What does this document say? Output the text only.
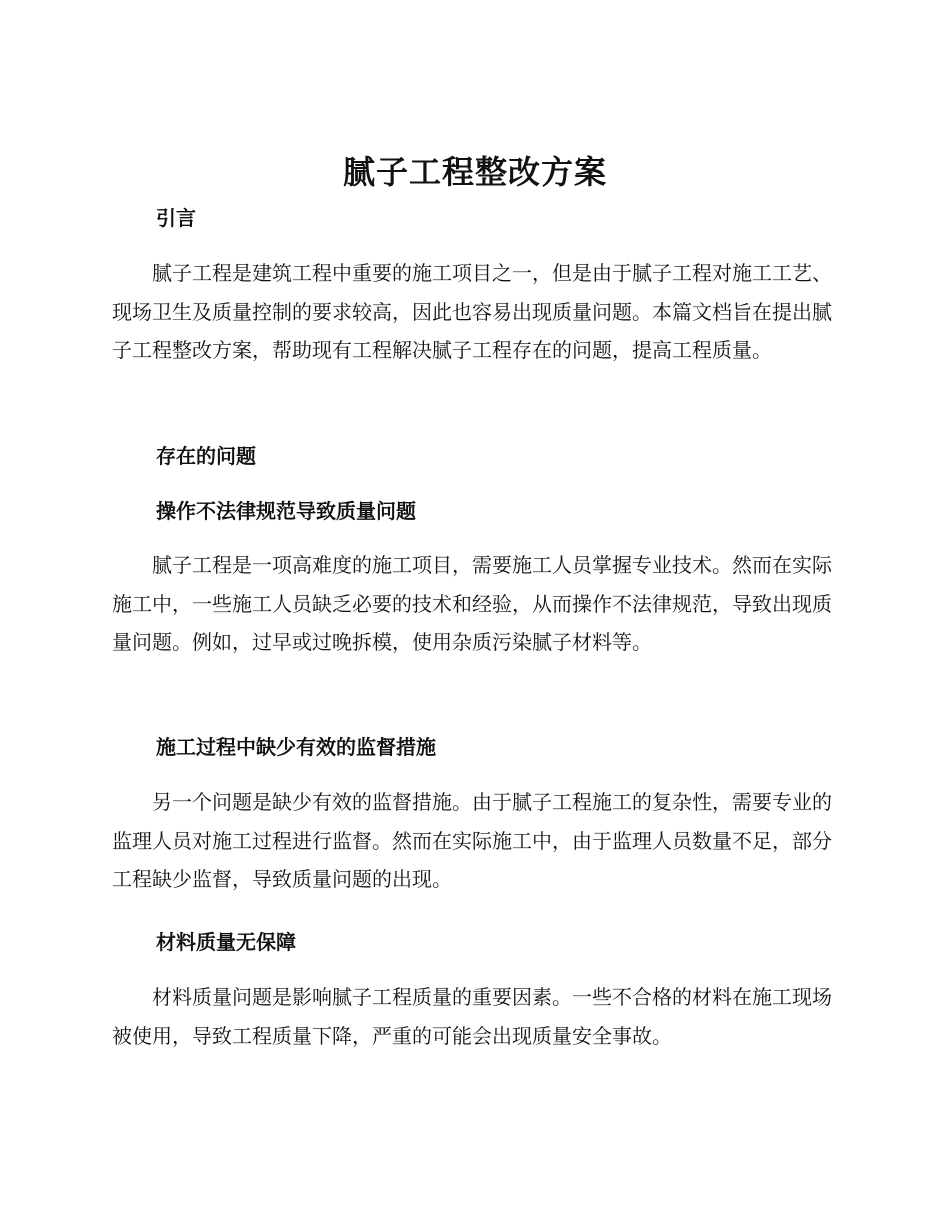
腻子工程整改方案
引言

腻子工程是建筑工程中重要的施工项目之一，但是由于腻子工程对施工工艺、现场卫生及质量控制的要求较高，因此也容易出现质量问题。本篇文档旨在提出腻子工程整改方案，帮助现有工程解决腻子工程存在的问题，提高工程质量。

存在的问题
操作不法律规范导致质量问题

腻子工程是一项高难度的施工项目，需要施工人员掌握专业技术。然而在实际施工中，一些施工人员缺乏必要的技术和经验，从而操作不法律规范，导致出现质量问题。例如，过早或过晚拆模，使用杂质污染腻子材料等。

施工过程中缺少有效的监督措施

另一个问题是缺少有效的监督措施。由于腻子工程施工的复杂性，需要专业的监理人员对施工过程进行监督。然而在实际施工中，由于监理人员数量不足，部分工程缺少监督，导致质量问题的出现。

材料质量无保障

材料质量问题是影响腻子工程质量的重要因素。一些不合格的材料在施工现场被使用，导致工程质量下降，严重的可能会出现质量安全事故。
